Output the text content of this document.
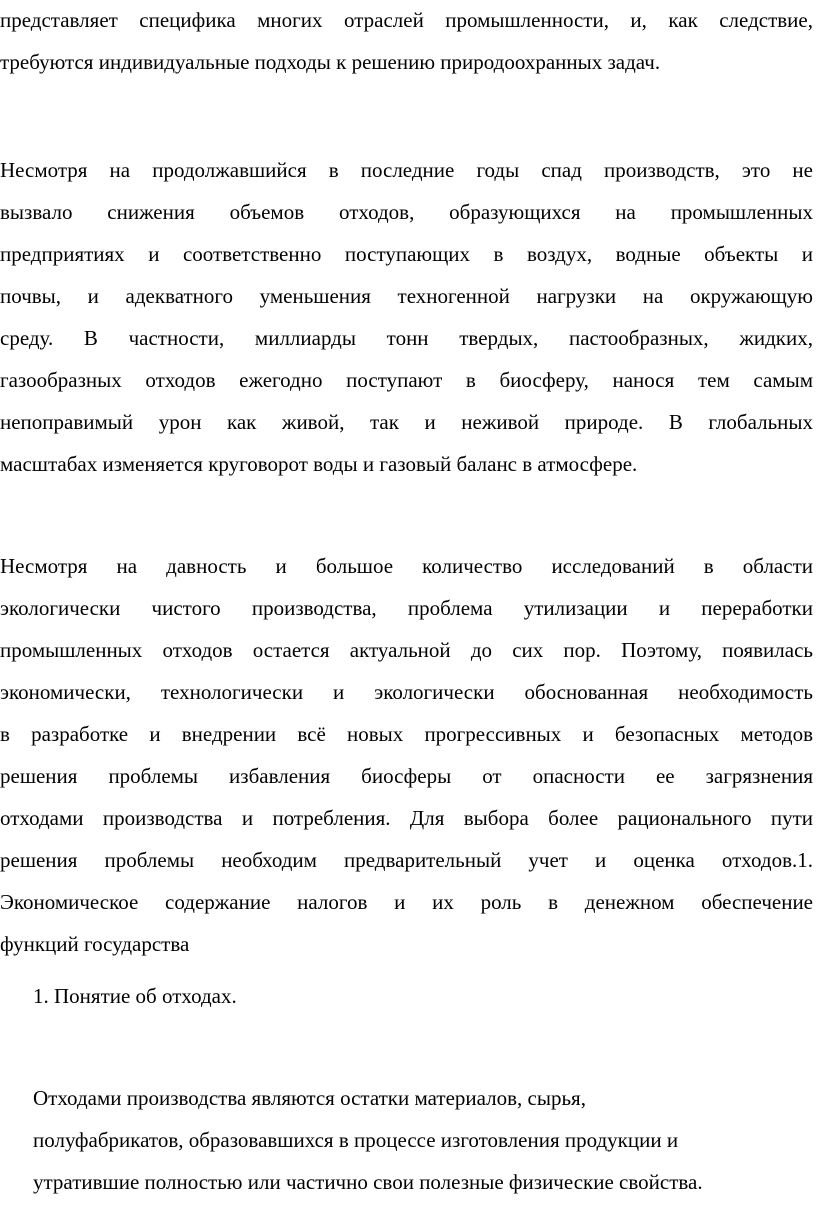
представляет специфика многих отраслей промышленности, и, как следствие,
требуются индивидуальные подходы к решению природоохранных задач.
Несмотря на продолжавшийся в последние годы спад производств, это не
вызвало снижения объемов отходов, образующихся на промышленных
предприятиях и соответственно поступающих в воздух, водные объекты и
почвы, и адекватного уменьшения техногенной нагрузки на окружающую
среду. В частности, миллиарды тонн твердых, пастообразных, жидких,
газообразных отходов ежегодно поступают в биосферу, нанося тем самым
непоправимый урон как живой, так и неживой природе. В глобальных
масштабах изменяется круговорот воды и газовый баланс в атмосфере.
Несмотря на давность и большое количество исследований в области
экологически чистого производства, проблема утилизации и переработки
промышленных отходов остается актуальной до сих пор. Поэтому, появилась
экономически, технологически и экологически обоснованная необходимость
в разработке и внедрении всё новых прогрессивных и безопасных методов
решения проблемы избавления биосферы от опасности ее загрязнения
отходами производства и потребления. Для выбора более рационального пути
решения проблемы необходим предварительный учет и оценка отходов.1.
Экономическое содержание налогов и их роль в денежном обеспечение
функций государства
1. Понятие об отходах.
Отходами производства являются остатки материалов, сырья,
полуфабрикатов, образовавшихся в процессе изготовления продукции и
утратившие полностью или частично свои полезные физические свойства.
